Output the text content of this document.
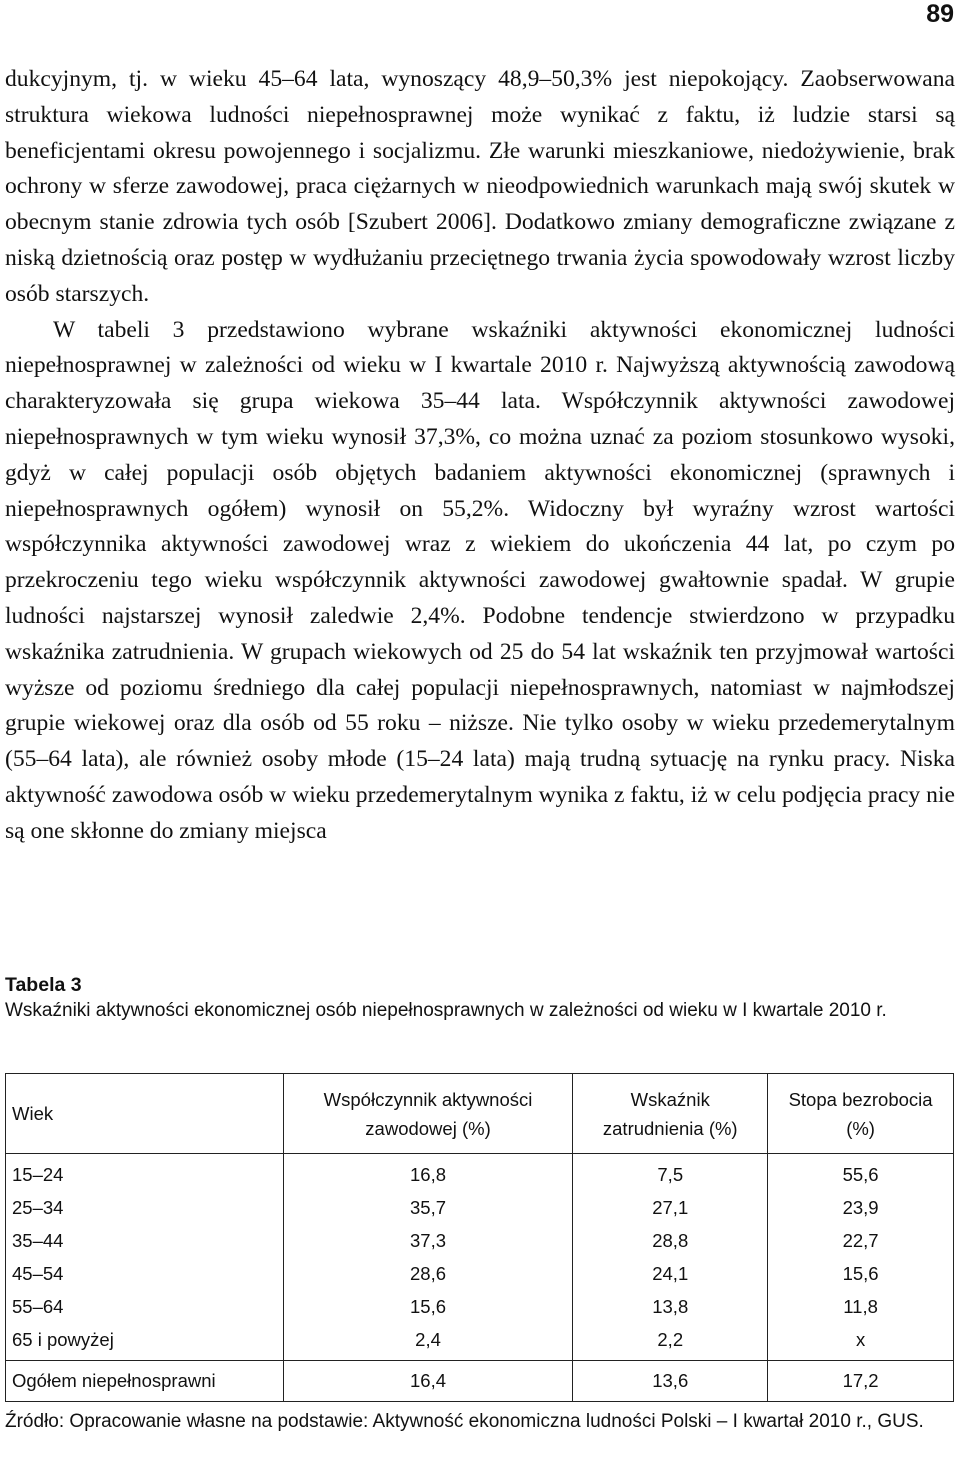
89

dukcyjnym, tj. w wieku 45–64 lata, wynoszący 48,9–50,3% jest niepokojący. Zaobserwowana struktura wiekowa ludności niepełnosprawnej może wynikać z faktu, iż ludzie starsi są beneficjentami okresu powojennego i socjalizmu. Złe warunki mieszkaniowe, niedożywienie, brak ochrony w sferze zawodowej, praca ciężarnych w nieodpowiednich warunkach mają swój skutek w obecnym stanie zdrowia tych osób [Szubert 2006]. Dodatkowo zmiany demograficzne związane z niską dzietnością oraz postęp w wydłużaniu przeciętnego trwania życia spowodowały wzrost liczby osób starszych.

W tabeli 3 przedstawiono wybrane wskaźniki aktywności ekonomicznej ludności niepełnosprawnej w zależności od wieku w I kwartale 2010 r. Najwyższą aktywnością zawodową charakteryzowała się grupa wiekowa 35–44 lata. Współczynnik aktywności zawodowej niepełnosprawnych w tym wieku wynosił 37,3%, co można uznać za poziom stosunkowo wysoki, gdyż w całej populacji osób objętych badaniem aktywności ekonomicznej (sprawnych i niepełnosprawnych ogółem) wynosił on 55,2%. Widoczny był wyraźny wzrost wartości współczynnika aktywności zawodowej wraz z wiekiem do ukończenia 44 lat, po czym po przekroczeniu tego wieku współczynnik aktywności zawodowej gwałtownie spadał. W grupie ludności najstarszej wynosił zaledwie 2,4%. Podobne tendencje stwierdzono w przypadku wskaźnika zatrudnienia. W grupach wiekowych od 25 do 54 lat wskaźnik ten przyjmował wartości wyższe od poziomu średniego dla całej populacji niepełnosprawnych, natomiast w najmłodszej grupie wiekowej oraz dla osób od 55 roku – niższe. Nie tylko osoby w wieku przedemerytalnym (55–64 lata), ale również osoby młode (15–24 lata) mają trudną sytuację na rynku pracy. Niska aktywność zawodowa osób w wieku przedemerytalnym wynika z faktu, iż w celu podjęcia pracy nie są one skłonne do zmiany miejsca

Tabela 3
Wskaźniki aktywności ekonomicznej osób niepełnosprawnych w zależności od wieku w I kwartale 2010 r.
Wiek	Współczynnik aktywności zawodowej (%)	Wskaźnik zatrudnienia (%)	Stopa bezrobocia (%)
15–24	16,8	7,5	55,6
25–34	35,7	27,1	23,9
35–44	37,3	28,8	22,7
45–54	28,6	24,1	15,6
55–64	15,6	13,8	11,8
65 i powyżej	2,4	2,2	x
Ogółem niepełnosprawni	16,4	13,6	17,2
Źródło: Opracowanie własne na podstawie: Aktywność ekonomiczna ludności Polski – I kwartał 2010 r., GUS.
